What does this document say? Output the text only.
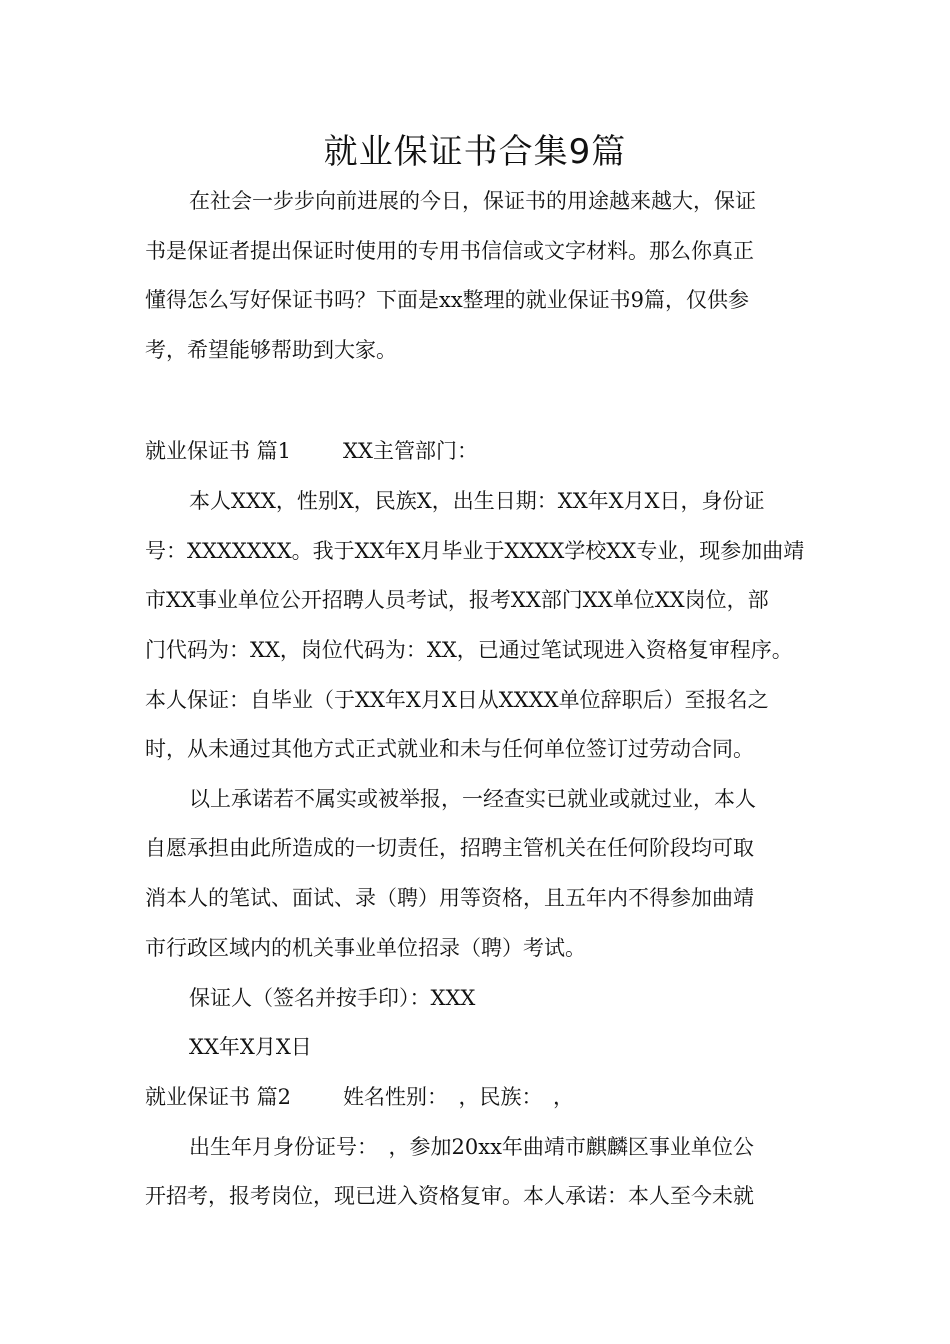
就业保证书合集9篇
在社会一步步向前进展的今日，保证书的用途越来越大，保证
书是保证者提出保证时使用的专用书信信或文字材料。那么你真正
懂得怎么写好保证书吗？下面是xx整理的就业保证书9篇，仅供参
考，希望能够帮助到大家。
就业保证书 篇1 XX主管部门：
本人XXX，性别X，民族X，出生日期：XX年X月X日，身份证
号：XXXXXXX。我于XX年X月毕业于XXXX学校XX专业，现参加曲靖
市XX事业单位公开招聘人员考试，报考XX部门XX单位XX岗位，部
门代码为：XX，岗位代码为：XX，已通过笔试现进入资格复审程序。
本人保证：自毕业（于XX年X月X日从XXXX单位辞职后）至报名之
时，从未通过其他方式正式就业和未与任何单位签订过劳动合同。
以上承诺若不属实或被举报，一经查实已就业或就过业，本人
自愿承担由此所造成的一切责任，招聘主管机关在任何阶段均可取
消本人的笔试、面试、录（聘）用等资格，且五年内不得参加曲靖
市行政区域内的机关事业单位招录（聘）考试。
保证人（签名并按手印）：XXX
XX年X月X日
就业保证书 篇2 姓名性别：　，民族：　，
出生年月身份证号：　，参加20xx年曲靖市麒麟区事业单位公
开招考，报考岗位，现已进入资格复审。本人承诺：本人至今未就
